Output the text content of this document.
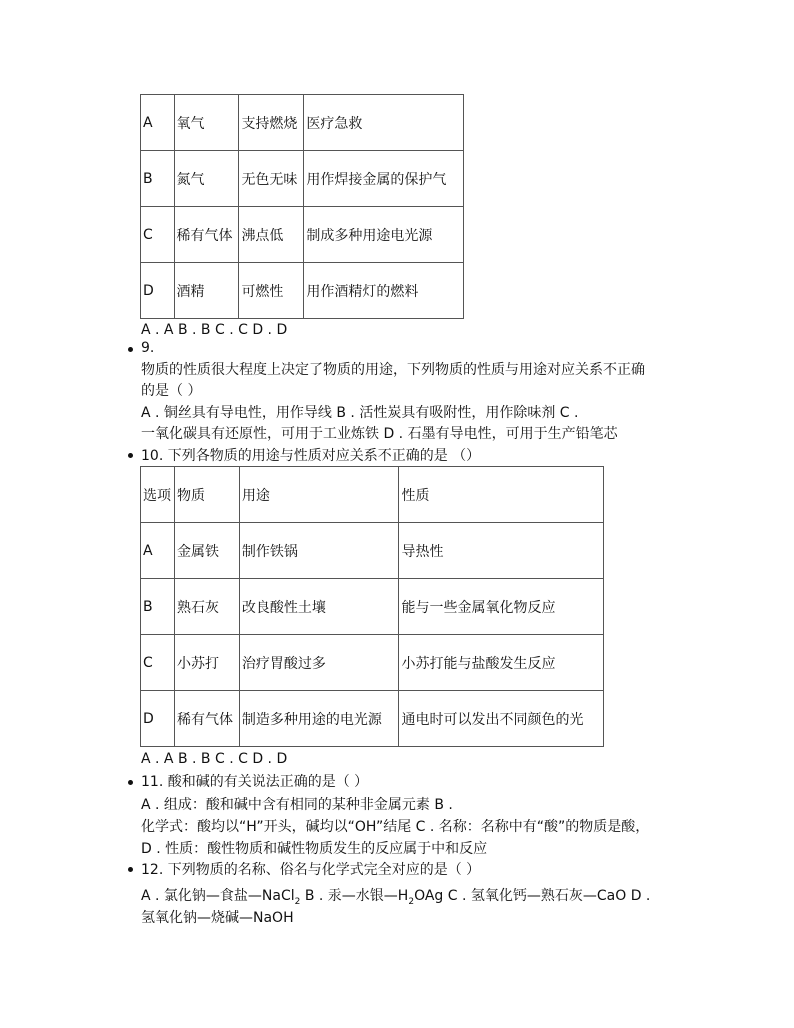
A	氧气	支持燃烧	医疗急救
B	氮气	无色无味	用作焊接金属的保护气
C	稀有气体	沸点低	制成多种用途电光源
D	酒精	可燃性	用作酒精灯的燃料
A . A B . B C . C D . D
9.
物质的性质很大程度上决定了物质的用途，下列物质的性质与用途对应关系不正确
的是（ ）
A . 铜丝具有导电性，用作导线 B . 活性炭具有吸附性，用作除味剂 C .
一氧化碳具有还原性，可用于工业炼铁 D . 石墨有导电性，可用于生产铅笔芯
10. 下列各物质的用途与性质对应关系不正确的是 （）
选项	物质	用途	性质
A	金属铁	制作铁锅	导热性
B	熟石灰	改良酸性土壤	能与一些金属氧化物反应
C	小苏打	治疗胃酸过多	小苏打能与盐酸发生反应
D	稀有气体	制造多种用途的电光源	通电时可以发出不同颜色的光
A . A B . B C . C D . D
11. 酸和碱的有关说法正确的是（ ）
A . 组成：酸和碱中含有相同的某种非金属元素 B .
化学式：酸均以“H”开头，碱均以“OH”结尾 C . 名称：名称中有“酸”的物质是酸，
D . 性质：酸性物质和碱性物质发生的反应属于中和反应
12. 下列物质的名称、俗名与化学式完全对应的是（ ）
A . 氯化钠—食盐—NaCl$_2$ B . 汞—水银$—H_2OAg$ C . 氢氧化钙—熟石灰—CaO D .
氢氧化钠—烧碱—NaOH
